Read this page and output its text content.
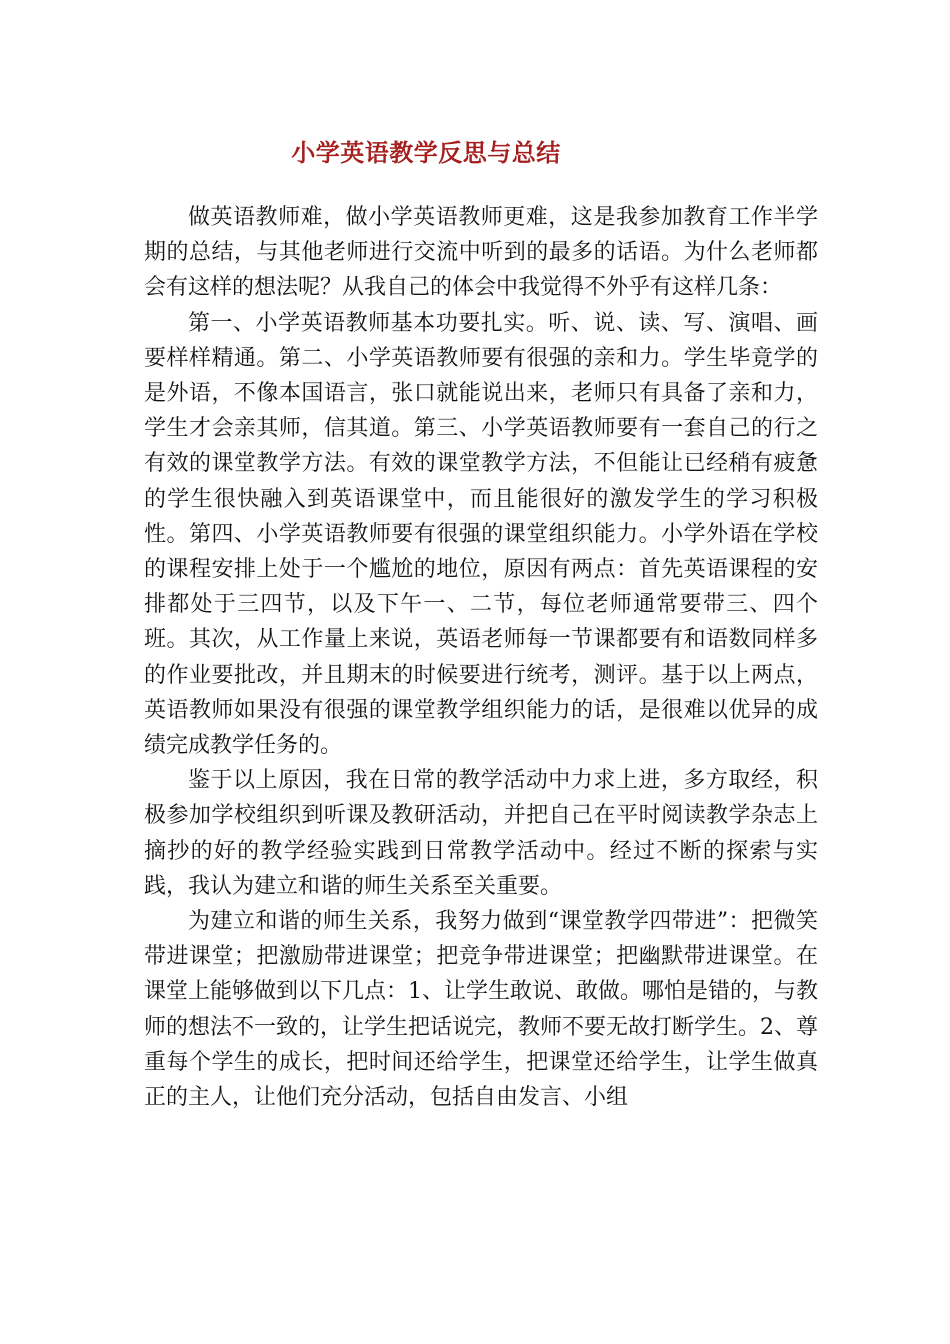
小学英语教学反思与总结

做英语教师难，做小学英语教师更难，这是我参加教育工作半学期的总结，与其他老师进行交流中听到的最多的话语。为什么老师都会有这样的想法呢？从我自己的体会中我觉得不外乎有这样几条：

第一、小学英语教师基本功要扎实。听、说、读、写、演唱、画要样样精通。第二、小学英语教师要有很强的亲和力。学生毕竟学的是外语，不像本国语言，张口就能说出来，老师只有具备了亲和力，学生才会亲其师，信其道。第三、小学英语教师要有一套自己的行之有效的课堂教学方法。有效的课堂教学方法，不但能让已经稍有疲惫的学生很快融入到英语课堂中，而且能很好的激发学生的学习积极性。第四、小学英语教师要有很强的课堂组织能力。小学外语在学校的课程安排上处于一个尴尬的地位，原因有两点：首先英语课程的安排都处于三四节，以及下午一、二节，每位老师通常要带三、四个班。其次，从工作量上来说，英语老师每一节课都要有和语数同样多的作业要批改，并且期末的时候要进行统考，测评。基于以上两点，英语教师如果没有很强的课堂教学组织能力的话，是很难以优异的成绩完成教学任务的。

鉴于以上原因，我在日常的教学活动中力求上进，多方取经，积极参加学校组织到听课及教研活动，并把自己在平时阅读教学杂志上摘抄的好的教学经验实践到日常教学活动中。经过不断的探索与实践，我认为建立和谐的师生关系至关重要。

为建立和谐的师生关系，我努力做到“课堂教学四带进”：把微笑带进课堂；把激励带进课堂；把竞争带进课堂；把幽默带进课堂。在课堂上能够做到以下几点：1、让学生敢说、敢做。哪怕是错的，与教师的想法不一致的，让学生把话说完，教师不要无故打断学生。2、尊重每个学生的成长，把时间还给学生，把课堂还给学生，让学生做真正的主人，让他们充分活动，包括自由发言、小组
